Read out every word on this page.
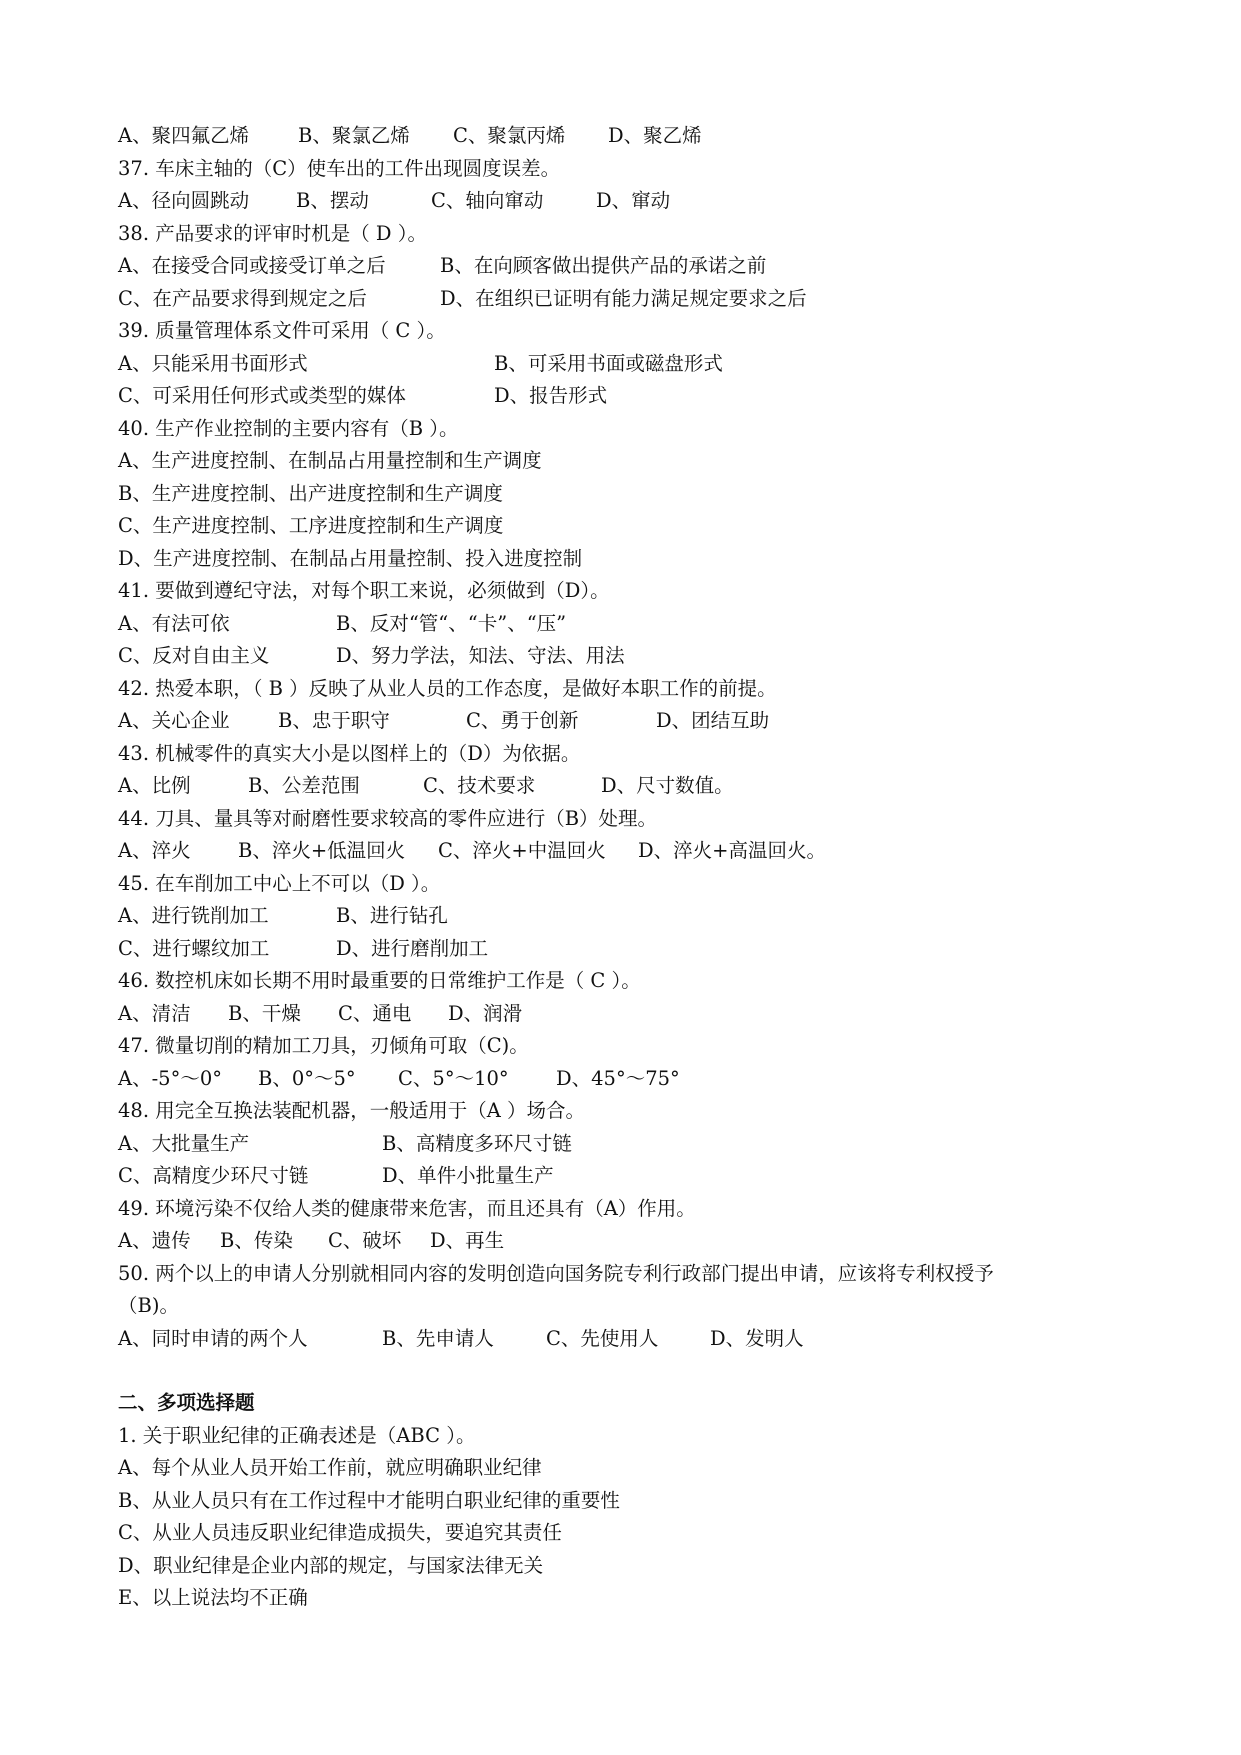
A、聚四氟乙烯	B、聚氯乙烯	C、聚氯丙烯	D、聚乙烯
37. 车床主轴的（C）使车出的工件出现圆度误差。
A、径向圆跳动	B、摆动	C、轴向窜动	D、窜动
38. 产品要求的评审时机是（ D ）。
A、在接受合同或接受订单之后	B、在向顾客做出提供产品的承诺之前
C、在产品要求得到规定之后	D、在组织已证明有能力满足规定要求之后
39. 质量管理体系文件可采用（ C ）。
A、只能采用书面形式	B、可采用书面或磁盘形式
C、可采用任何形式或类型的媒体	D、报告形式
40. 生产作业控制的主要内容有（B ）。
A、生产进度控制、在制品占用量控制和生产调度
B、生产进度控制、出产进度控制和生产调度
C、生产进度控制、工序进度控制和生产调度
D、生产进度控制、在制品占用量控制、投入进度控制
41. 要做到遵纪守法，对每个职工来说，必须做到（D）。
A、有法可依	B、反对“管“、“卡”、“压”
C、反对自由主义	D、努力学法，知法、守法、用法
42. 热爱本职，（ B ）反映了从业人员的工作态度，是做好本职工作的前提。
A、关心企业	B、忠于职守	C、勇于创新	D、团结互助
43. 机械零件的真实大小是以图样上的（D）为依据。
A、比例	B、公差范围	C、技术要求	D、尺寸数值。
44. 刀具、量具等对耐磨性要求较高的零件应进行（B）处理。
A、淬火	B、淬火+低温回火	C、淬火+中温回火	D、淬火+高温回火。
45. 在车削加工中心上不可以（D ）。
A、进行铣削加工	B、进行钻孔
C、进行螺纹加工	D、进行磨削加工
46. 数控机床如长期不用时最重要的日常维护工作是（ C ）。
A、清洁	B、干燥	C、通电	D、润滑
47. 微量切削的精加工刀具，刃倾角可取（C)。
A、-5°～0°	B、0°～5°	C、5°～10°	D、45°～75°
48. 用完全互换法装配机器，一般适用于（A ）场合。
A、大批量生产	B、高精度多环尺寸链
C、高精度少环尺寸链	D、单件小批量生产
49. 环境污染不仅给人类的健康带来危害，而且还具有（A）作用。
A、遗传	B、传染	C、破坏	D、再生
50. 两个以上的申请人分别就相同内容的发明创造向国务院专利行政部门提出申请，应该将专利权授予
（B)。
A、同时申请的两个人	B、先申请人	C、先使用人	D、发明人
二、多项选择题
1. 关于职业纪律的正确表述是（ABC ）。
A、每个从业人员开始工作前，就应明确职业纪律
B、从业人员只有在工作过程中才能明白职业纪律的重要性
C、从业人员违反职业纪律造成损失，要追究其责任
D、职业纪律是企业内部的规定，与国家法律无关
E、以上说法均不正确
